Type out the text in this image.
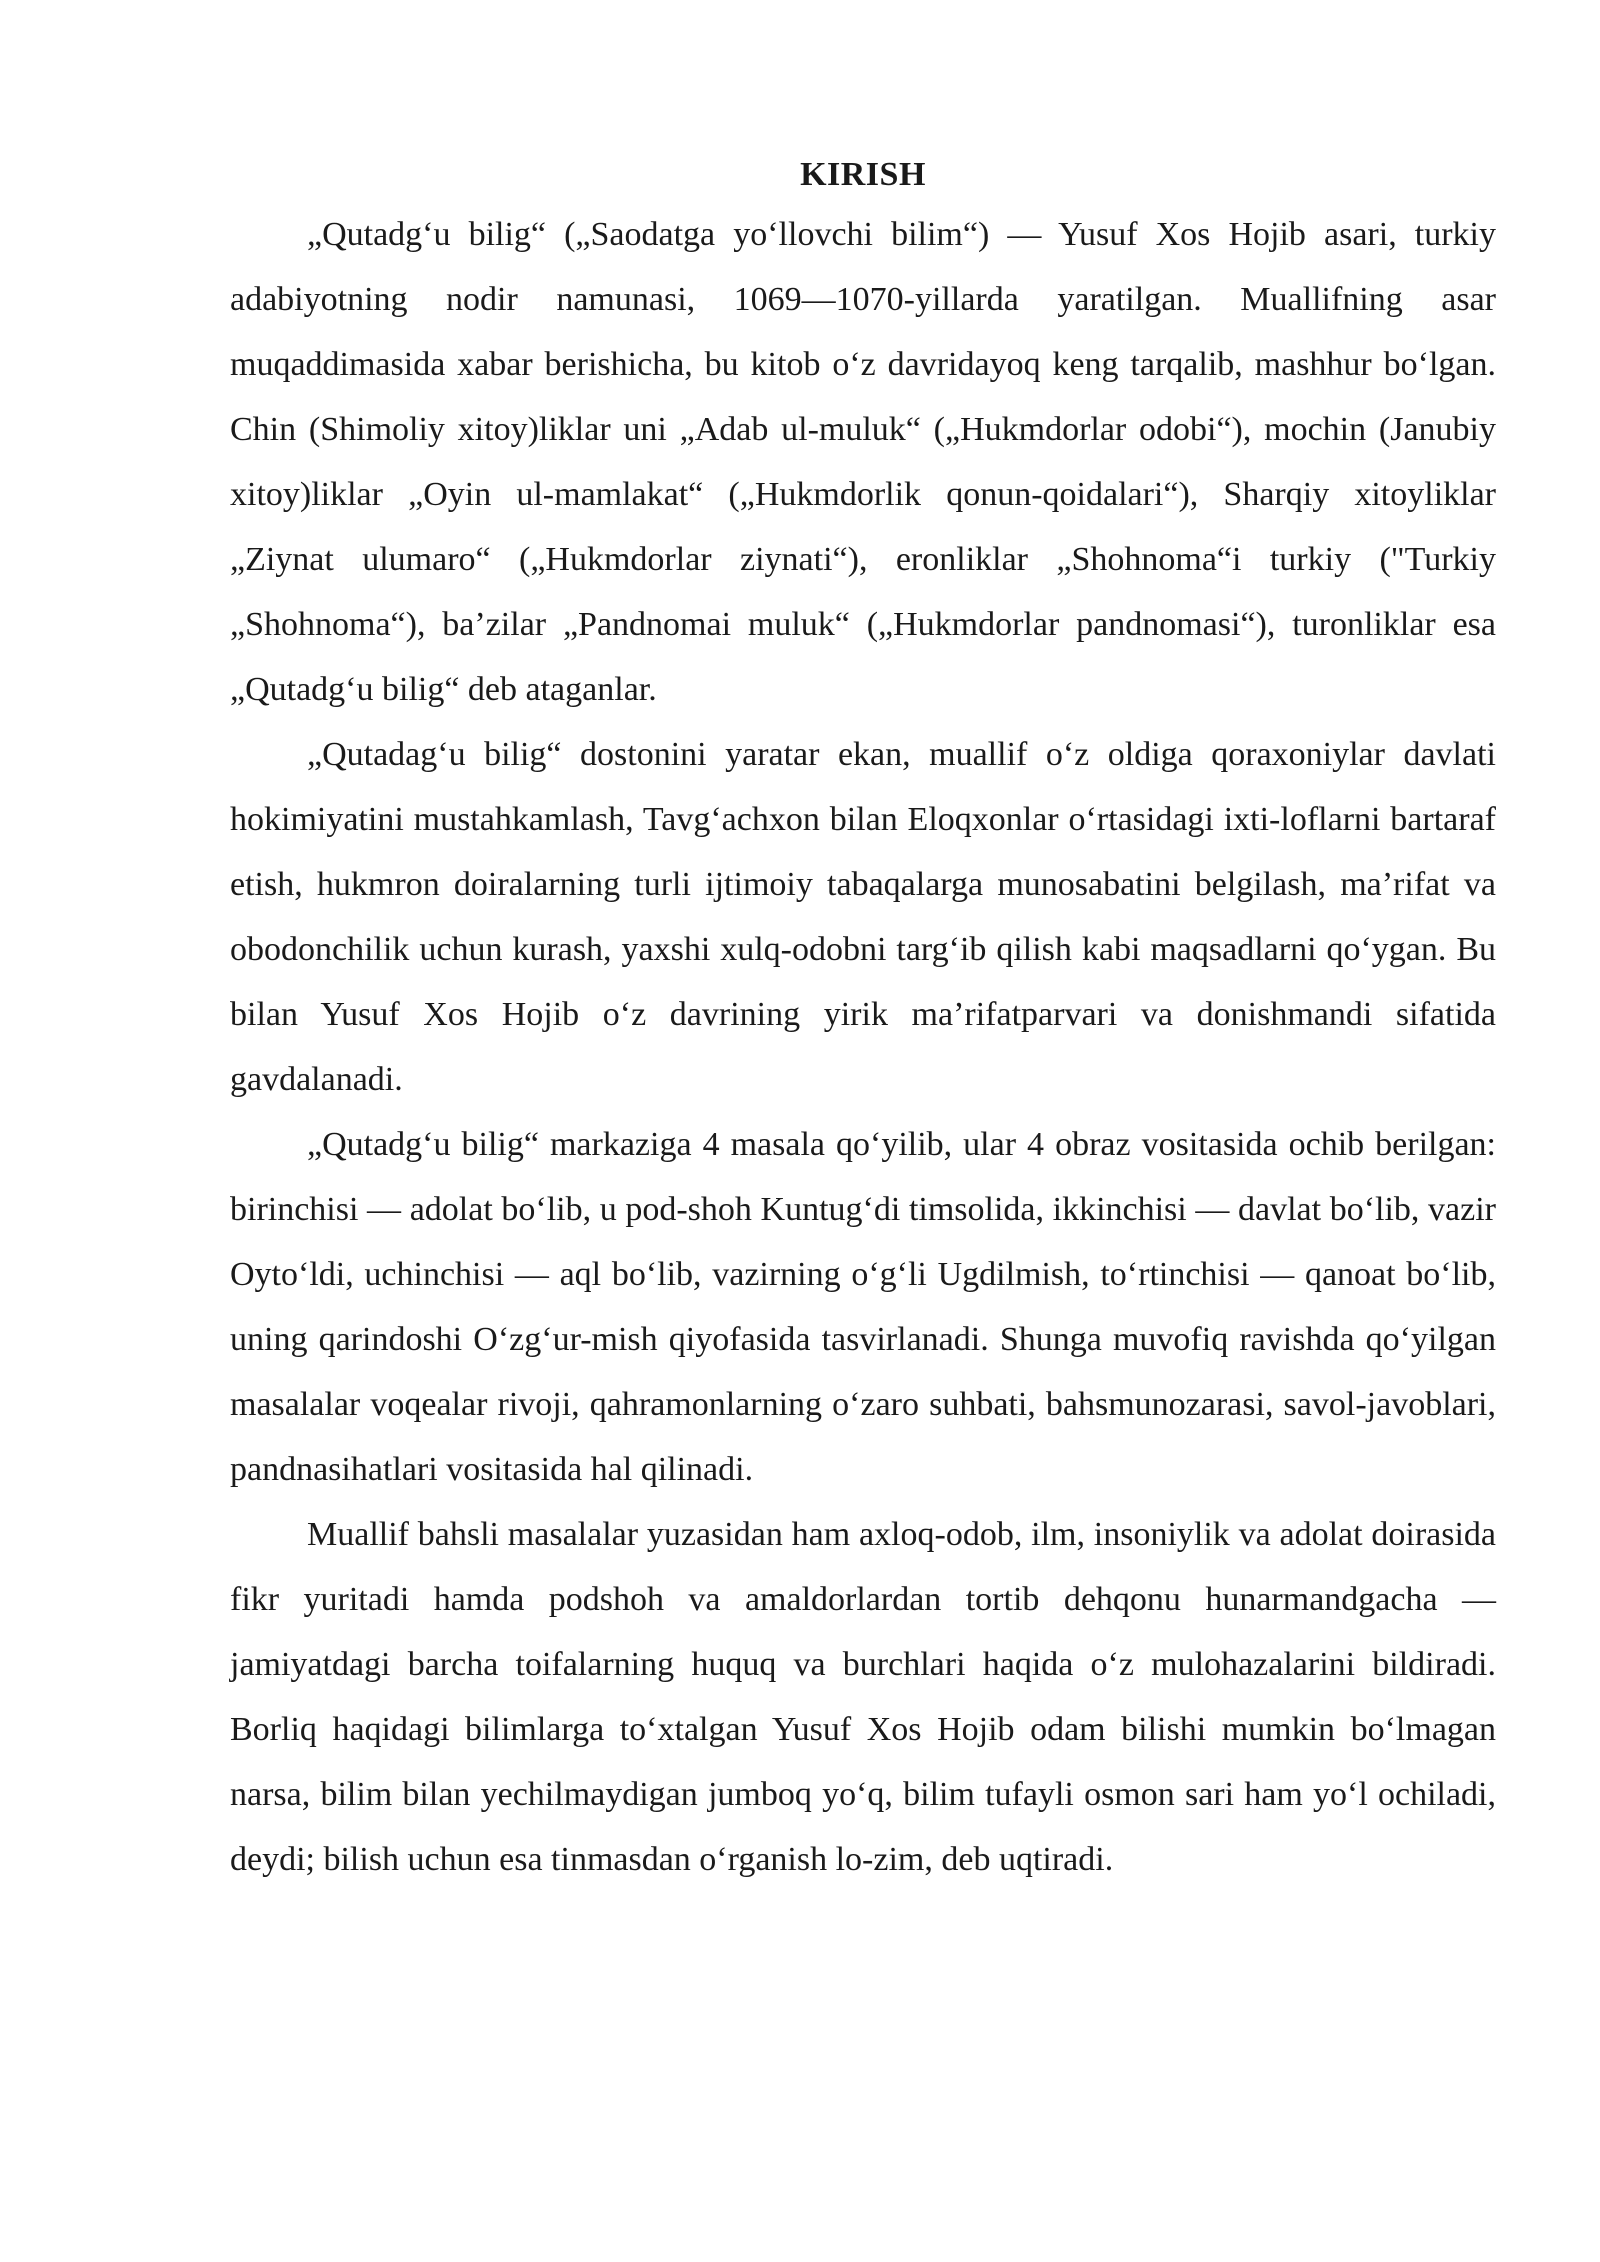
KIRISH

„Qutadg‘u bilig“ („Saodatga yo‘llovchi bilim“) — Yusuf Xos Hojib asari, turkiy adabiyotning nodir namunasi, 1069—1070-yillarda yaratilgan. Muallifning asar muqaddimasida xabar berishicha, bu kitob o‘z davridayoq keng tarqalib, mashhur bo‘lgan. Chin (Shimoliy xitoy)liklar uni „Adab ul-muluk“ („Hukmdorlar odobi“), mochin (Janubiy xitoy)liklar „Oyin ul-mamlakat“ („Hukmdorlik qonun-qoidalari“), Sharqiy xitoyliklar „Ziynat ulumaro“ („Hukmdorlar ziynati“), eronliklar „Shohnoma“i turkiy ("Turkiy „Shohnoma“), ba’zilar „Pandnomai muluk“ („Hukmdorlar pandnomasi“), turonliklar esa „Qutadg‘u bilig“ deb ataganlar.

„Qutadag‘u bilig“ dostonini yaratar ekan, muallif o‘z oldiga qoraxoniylar davlati hokimiyatini mustahkamlash, Tavg‘achxon bilan Eloqxonlar o‘rtasidagi ixti-loflarni bartaraf etish, hukmron doiralarning turli ijtimoiy tabaqalarga munosabatini belgilash, ma’rifat va obodonchilik uchun kurash, yaxshi xulq-odobni targ‘ib qilish kabi maqsadlarni qo‘ygan. Bu bilan Yusuf Xos Hojib o‘z davrining yirik ma’rifatparvari va donishmandi sifatida gavdalanadi.

„Qutadg‘u bilig“ markaziga 4 masala qo‘yilib, ular 4 obraz vositasida ochib berilgan: birinchisi — adolat bo‘lib, u pod-shoh Kuntug‘di timsolida, ikkinchisi — davlat bo‘lib, vazir Oyto‘ldi, uchinchisi — aql bo‘lib, vazirning o‘g‘li Ugdilmish, to‘rtinchisi — qanoat bo‘lib, uning qarindoshi O‘zg‘ur-mish qiyofasida tasvirlanadi. Shunga muvofiq ravishda qo‘yilgan masalalar voqealar rivoji, qahramonlarning o‘zaro suhbati, bahsmunozarasi, savol-javoblari, pandnasihatlari vositasida hal qilinadi.

Muallif bahsli masalalar yuzasidan ham axloq-odob, ilm, insoniylik va adolat doirasida fikr yuritadi hamda podshoh va amaldorlardan tortib dehqonu hunarmandgacha — jamiyatdagi barcha toifalarning huquq va burchlari haqida o‘z mulohazalarini bildiradi. Borliq haqidagi bilimlarga to‘xtalgan Yusuf Xos Hojib odam bilishi mumkin bo‘lmagan narsa, bilim bilan yechilmaydigan jumboq yo‘q, bilim tufayli osmon sari ham yo‘l ochiladi, deydi; bilish uchun esa tinmasdan o‘rganish lo-zim, deb uqtiradi.
